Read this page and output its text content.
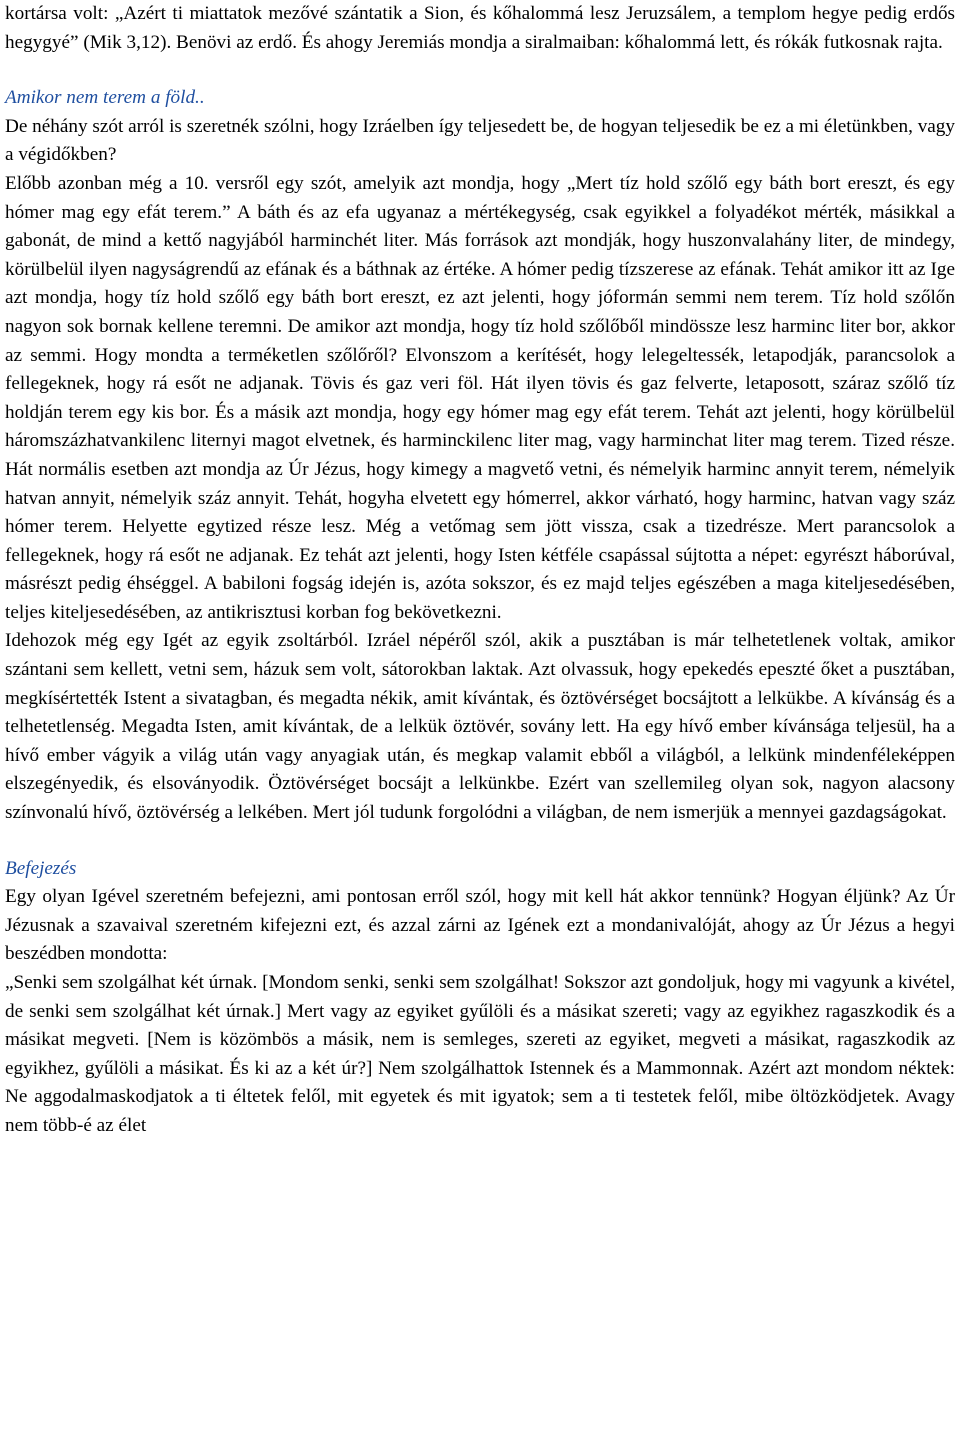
kortársa volt: „Azért ti miattatok mezővé szántatik a Sion, és kőhalommá lesz Jeruzsálem, a templom hegye pedig erdős hegygyé” (Mik 3,12). Benövi az erdő. És ahogy Jeremiás mondja a siralmaiban: kőhalommá lett, és rókák futkosnak rajta.

Amikor nem terem a föld..

De néhány szót arról is szeretnék szólni, hogy Izráelben így teljesedett be, de hogyan teljesedik be ez a mi életünkben, vagy a végidőkben?

Előbb azonban még a 10. versről egy szót, amelyik azt mondja, hogy „Mert tíz hold szőlő egy báth bort ereszt, és egy hómer mag egy efát terem.” A báth és az efa ugyanaz a mértékegység, csak egyikkel a folyadékot mérték, másikkal a gabonát, de mind a kettő nagyjából harminchét liter. Más források azt mondják, hogy huszonvalahány liter, de mindegy, körülbelül ilyen nagyságrendű az efának és a báthnak az értéke. A hómer pedig tízszerese az efának. Tehát amikor itt az Ige azt mondja, hogy tíz hold szőlő egy báth bort ereszt, ez azt jelenti, hogy jóformán semmi nem terem. Tíz hold szőlőn nagyon sok bornak kellene teremni. De amikor azt mondja, hogy tíz hold szőlőből mindössze lesz harminc liter bor, akkor az semmi. Hogy mondta a terméketlen szőlőről? Elvonszom a kerítését, hogy lelegeltessék, letapodják, parancsolok a fellegeknek, hogy rá esőt ne adjanak. Tövis és gaz veri föl. Hát ilyen tövis és gaz felverte, letaposott, száraz szőlő tíz holdján terem egy kis bor. És a másik azt mondja, hogy egy hómer mag egy efát terem. Tehát azt jelenti, hogy körülbelül háromszázhatvankilenc liternyi magot elvetnek, és harminckilenc liter mag, vagy harminchat liter mag terem. Tized része. Hát normális esetben azt mondja az Úr Jézus, hogy kimegy a magvető vetni, és némelyik harminc annyit terem, némelyik hatvan annyit, némelyik száz annyit. Tehát, hogyha elvetett egy hómerrel, akkor várható, hogy harminc, hatvan vagy száz hómer terem. Helyette egytized része lesz. Még a vetőmag sem jött vissza, csak a tizedrésze. Mert parancsolok a fellegeknek, hogy rá esőt ne adjanak. Ez tehát azt jelenti, hogy Isten kétféle csapással sújtotta a népet: egyrészt háborúval, másrészt pedig éhséggel. A babiloni fogság idején is, azóta sokszor, és ez majd teljes egészében a maga kiteljesedésében, teljes kiteljesedésében, az antikrisztusi korban fog bekövetkezni.

Idehozok még egy Igét az egyik zsoltárból. Izráel népéről szól, akik a pusztában is már telhetetlenek voltak, amikor szántani sem kellett, vetni sem, házuk sem volt, sátorokban laktak. Azt olvassuk, hogy epekedés epeszté őket a pusztában, megkísértették Istent a sivatagban, és megadta nékik, amit kívántak, és öztövérséget bocsájtott a lelkükbe. A kívánság és a telhetetlenség. Megadta Isten, amit kívántak, de a lelkük öztövér, sovány lett. Ha egy hívő ember kívánsága teljesül, ha a hívő ember vágyik a világ után vagy anyagiak után, és megkap valamit ebből a világból, a lelkünk mindenféleképpen elszegényedik, és elsoványodik. Öztövérséget bocsájt a lelkünkbe. Ezért van szellemileg olyan sok, nagyon alacsony színvonalú hívő, öztövérség a lelkében. Mert jól tudunk forgolódni a világban, de nem ismerjük a mennyei gazdagságokat.

Befejezés

Egy olyan Igével szeretném befejezni, ami pontosan erről szól, hogy mit kell hát akkor tennünk? Hogyan éljünk? Az Úr Jézusnak a szavaival szeretném kifejezni ezt, és azzal zárni az Igének ezt a mondanivalóját, ahogy az Úr Jézus a hegyi beszédben mondotta:

„Senki sem szolgálhat két úrnak. [Mondom senki, senki sem szolgálhat! Sokszor azt gondoljuk, hogy mi vagyunk a kivétel, de senki sem szolgálhat két úrnak.] Mert vagy az egyiket gyűlöli és a másikat szereti; vagy az egyikhez ragaszkodik és a másikat megveti. [Nem is közömbös a másik, nem is semleges, szereti az egyiket, megveti a másikat, ragaszkodik az egyikhez, gyűlöli a másikat. És ki az a két úr?] Nem szolgálhattok Istennek és a Mammonnak. Azért azt mondom néktek: Ne aggodalmaskodjatok a ti éltetek felől, mit egyetek és mit igyatok; sem a ti testetek felől, mibe öltözködjetek. Avagy nem több-é az élet
